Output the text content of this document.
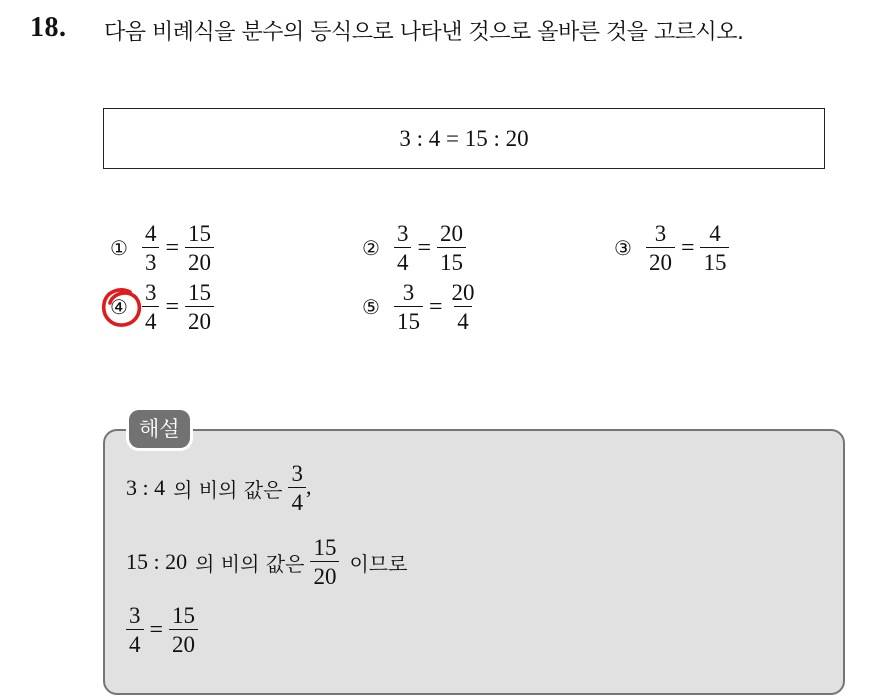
18. 다음 비례식을 분수의 등식으로 나타낸 것으로 올바른 것을 고르시오.
3 : 4 = 15 : 20
① $\frac{4}{3} = \frac{15}{20}$	② $\frac{3}{4} = \frac{20}{15}$	③ $\frac{3}{20} = \frac{4}{15}$
④ $\frac{3}{4} = \frac{15}{20}$	⑤ $\frac{3}{15} = \frac{20}{4}$
해설
3 : 4 의 비의 값은 $\frac{3}{4}$ ,
15 : 20 의 비의 값은 $\frac{15}{20}$ 이므로
$\frac{3}{4} = \frac{15}{20}$
